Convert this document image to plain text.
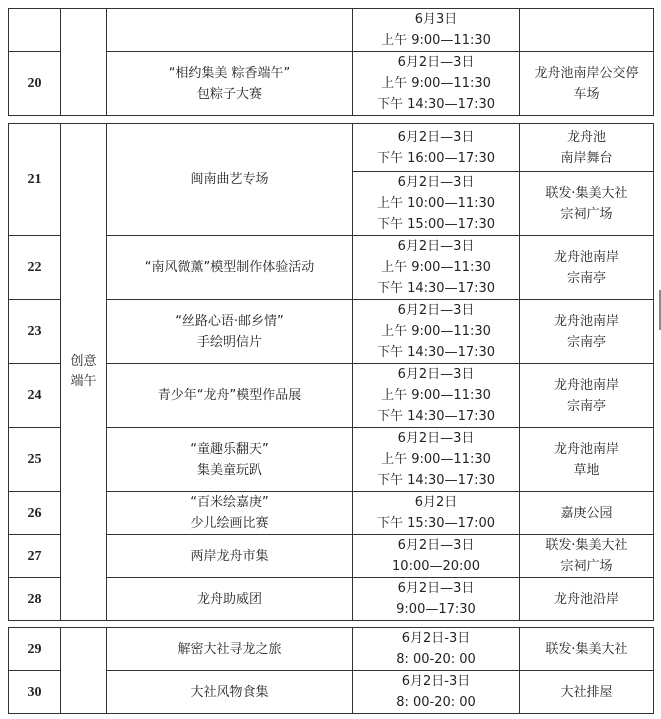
			6月3日
上午 9:00—11:30	

20		“相约集美 粽香端午”
包粽子大赛	6月2日—3日
上午 9:00—11:30
下午 14:30—17:30	龙舟池南岸公交停
车场
21	创意
端午	闽南曲艺专场	6月2日—3日
下午 16:00—17:30	龙舟池
南岸舞台

			6月2日—3日
上午 10:00—11:30
下午 15:00—17:30	联发·集美大社
宗祠广场

22		“南风微薰”模型制作体验活动	6月2日—3日
上午 9:00—11:30
下午 14:30—17:30	龙舟池南岸
宗南亭

23		“丝路心语·邮乡情”
手绘明信片	6月2日—3日
上午 9:00—11:30
下午 14:30—17:30	龙舟池南岸
宗南亭

24		青少年“龙舟”模型作品展	6月2日—3日
上午 9:00—11:30
下午 14:30—17:30	龙舟池南岸
宗南亭

25		“童趣乐翻天”
集美童玩趴	6月2日—3日
上午 9:00—11:30
下午 14:30—17:30	龙舟池南岸
草地

26		“百米绘嘉庚”
少儿绘画比赛	6月2日
下午 15:30—17:00	嘉庚公园

27		两岸龙舟市集	6月2日—3日
10:00—20:00	联发·集美大社
宗祠广场

28		龙舟助威团	6月2日—3日
9:00—17:30	龙舟池沿岸
29		解密大社寻龙之旅	6月2日-3日
8: 00-20: 00	联发·集美大社

30		大社风物食集	6月2日-3日
8: 00-20: 00	大社排屋
